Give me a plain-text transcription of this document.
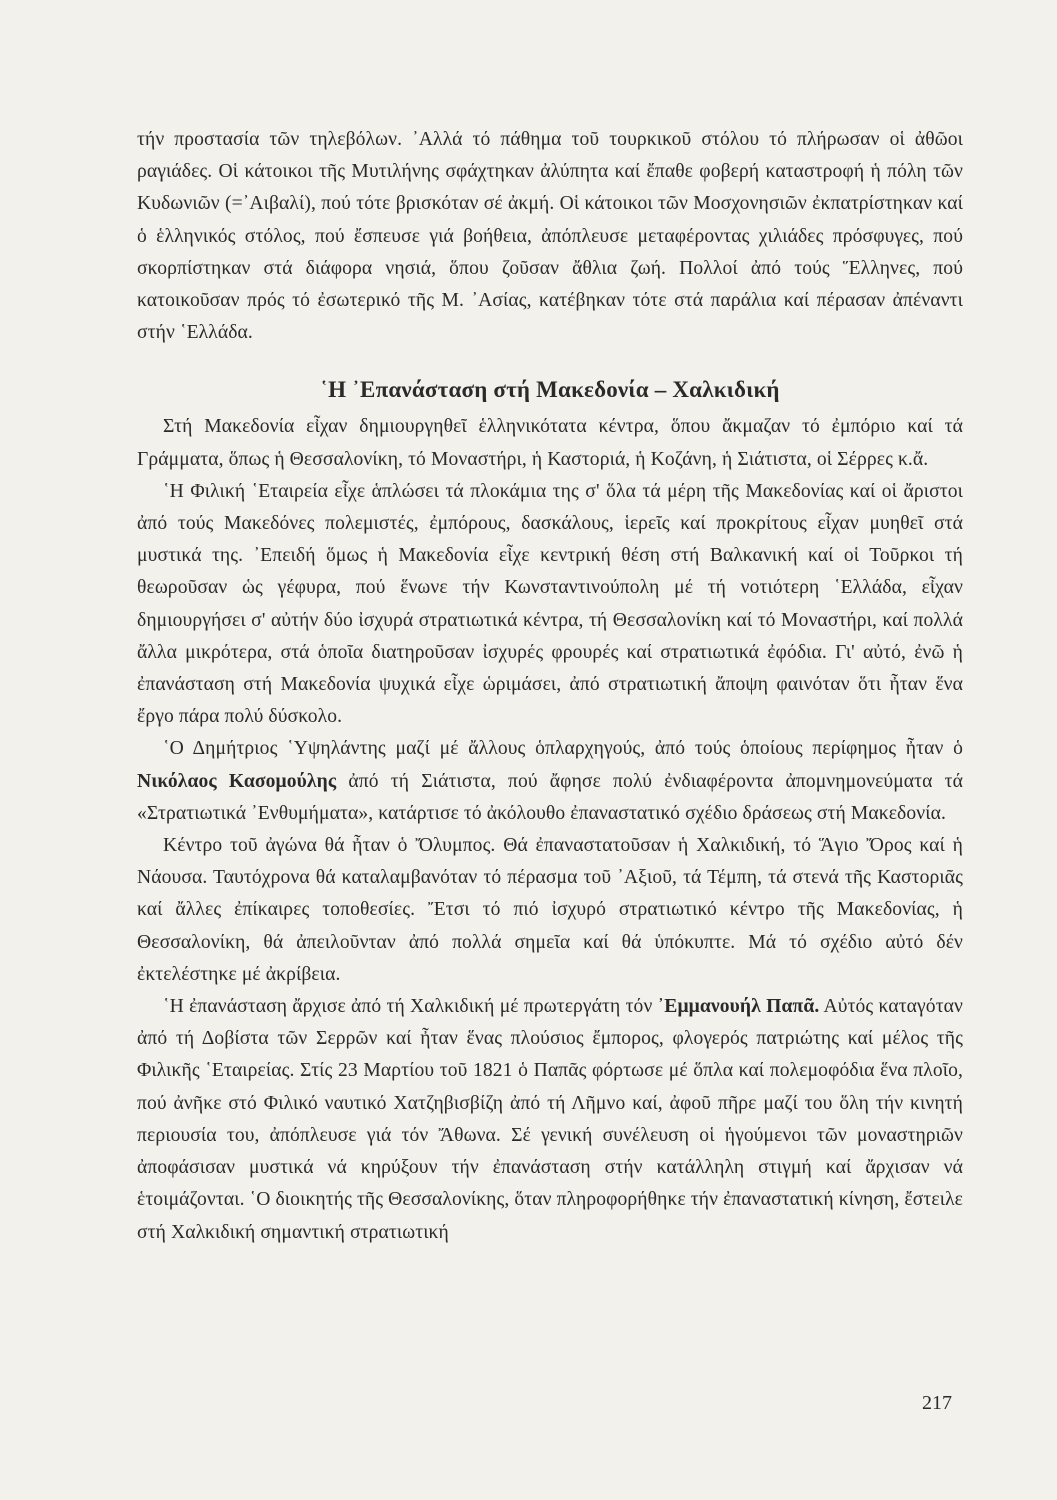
τήν προστασία τῶν τηλεβόλων. ᾿Αλλά τό πάθημα τοῦ τουρκικοῦ στόλου τό πλήρωσαν οἱ ἀθῶοι ραγιάδες. Οἱ κάτοικοι τῆς Μυτιλήνης σφάχτηκαν ἀλύπητα καί ἔπαθε φοβερή καταστροφή ἡ πόλη τῶν Κυδωνιῶν (=᾿Αιβαλί), πού τότε βρισκόταν σέ ἀκμή. Οἱ κάτοικοι τῶν Μοσχονησιῶν ἐκπατρίστηκαν καί ὁ ἑλληνικός στόλος, πού ἔσπευσε γιά βοήθεια, ἀπόπλευσε μεταφέροντας χιλιάδες πρόσφυγες, πού σκορπίστηκαν στά διάφορα νησιά, ὅπου ζοῦσαν ἄθλια ζωή. Πολλοί ἀπό τούς Ἕλληνες, πού κατοικοῦσαν πρός τό ἐσωτερικό τῆς Μ. ᾿Ασίας, κατέβηκαν τότε στά παράλια καί πέρασαν ἀπέναντι στήν ῾Ελλάδα.

῾Η ᾿Επανάσταση στή Μακεδονία – Χαλκιδική

Στή Μακεδονία εἶχαν δημιουργηθεῖ ἑλληνικότατα κέντρα, ὅπου ἄκμαζαν τό ἐμπόριο καί τά Γράμματα, ὅπως ἡ Θεσσαλονίκη, τό Μοναστήρι, ἡ Καστοριά, ἡ Κοζάνη, ἡ Σιάτιστα, οἱ Σέρρες κ.ἄ.

῾Η Φιλική ῾Εταιρεία εἶχε ἁπλώσει τά πλοκάμια της σ' ὅλα τά μέρη τῆς Μακεδονίας καί οἱ ἄριστοι ἀπό τούς Μακεδόνες πολεμιστές, ἐμπόρους, δασκάλους, ἱερεῖς καί προκρίτους εἶχαν μυηθεῖ στά μυστικά της. ᾿Επειδή ὅμως ἡ Μακεδονία εἶχε κεντρική θέση στή Βαλκανική καί οἱ Τοῦρκοι τή θεωροῦσαν ὡς γέφυρα, πού ἕνωνε τήν Κωνσταντινούπολη μέ τή νοτιότερη ῾Ελλάδα, εἶχαν δημιουργήσει σ' αὐτήν δύο ἰσχυρά στρατιωτικά κέντρα, τή Θεσσαλονίκη καί τό Μοναστήρι, καί πολλά ἄλλα μικρότερα, στά ὁποῖα διατηροῦσαν ἰσχυρές φρουρές καί στρατιωτικά ἐφόδια. Γι' αὐτό, ἐνῶ ἡ ἐπανάσταση στή Μακεδονία ψυχικά εἶχε ὡριμάσει, ἀπό στρατιωτική ἄποψη φαινόταν ὅτι ἦταν ἕνα ἔργο πάρα πολύ δύσκολο.

῾Ο Δημήτριος ῾Υψηλάντης μαζί μέ ἄλλους ὁπλαρχηγούς, ἀπό τούς ὁποίους περίφημος ἦταν ὁ Νικόλαος Κασομούλης ἀπό τή Σιάτιστα, πού ἄφησε πολύ ἐνδιαφέροντα ἀπομνημονεύματα τά «Στρατιωτικά ᾿Ενθυμήματα», κατάρτισε τό ἀκόλουθο ἐπαναστατικό σχέδιο δράσεως στή Μακεδονία.

Κέντρο τοῦ ἀγώνα θά ἦταν ὁ Ὄλυμπος. Θά ἐπαναστατοῦσαν ἡ Χαλκιδική, τό Ἅγιο Ὄρος καί ἡ Νάουσα. Ταυτόχρονα θά καταλαμβανόταν τό πέρασμα τοῦ ᾿Αξιοῦ, τά Τέμπη, τά στενά τῆς Καστοριᾶς καί ἄλλες ἐπίκαιρες τοποθεσίες. Ἔτσι τό πιό ἰσχυρό στρατιωτικό κέντρο τῆς Μακεδονίας, ἡ Θεσσαλονίκη, θά ἀπειλοῦνταν ἀπό πολλά σημεῖα καί θά ὑπόκυπτε. Μά τό σχέδιο αὐτό δέν ἐκτελέστηκε μέ ἀκρίβεια.

῾Η ἐπανάσταση ἄρχισε ἀπό τή Χαλκιδική μέ πρωτεργάτη τόν ᾿Εμμανουήλ Παπᾶ. Αὐτός καταγόταν ἀπό τή Δοβίστα τῶν Σερρῶν καί ἦταν ἕνας πλούσιος ἔμπορος, φλογερός πατριώτης καί μέλος τῆς Φιλικῆς ῾Εταιρείας. Στίς 23 Μαρτίου τοῦ 1821 ὁ Παπᾶς φόρτωσε μέ ὅπλα καί πολεμοφόδια ἕνα πλοῖο, πού ἀνῆκε στό Φιλικό ναυτικό Χατζηβισβίζη ἀπό τή Λῆμνο καί, ἀφοῦ πῆρε μαζί του ὅλη τήν κινητή περιουσία του, ἀπόπλευσε γιά τόν Ἄθωνα. Σέ γενική συνέλευση οἱ ἡγούμενοι τῶν μοναστηριῶν ἀποφάσισαν μυστικά νά κηρύξουν τήν ἐπανάσταση στήν κατάλληλη στιγμή καί ἄρχισαν νά ἑτοιμάζονται. ῾Ο διοικητής τῆς Θεσσαλονίκης, ὅταν πληροφορήθηκε τήν ἐπαναστατική κίνηση, ἔστειλε στή Χαλκιδική σημαντική στρατιωτική

217
